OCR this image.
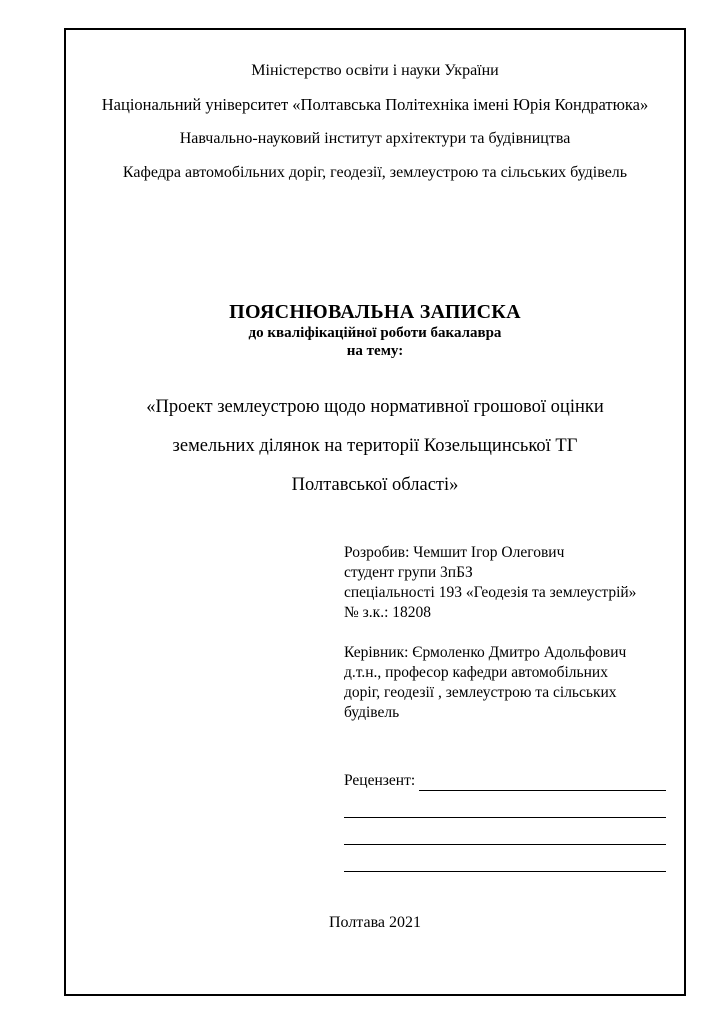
Міністерство освіти і науки України
Національний університет «Полтавська Політехніка імені Юрія Кондратюка»
Навчально-науковий інститут архітектури та будівництва
Кафедра автомобільних доріг, геодезії, землеустрою та сільських будівель
ПОЯСНЮВАЛЬНА ЗАПИСКА
до кваліфікаційної роботи бакалавра
на тему:
«Проект землеустрою щодо нормативної грошової оцінки
земельних ділянок на території Козельщинської ТГ
Полтавської області»
Розробив: Чемшит Ігор Олегович
студент групи 3пБЗ
спеціальності 193 «Геодезія та землеустрій»
№ з.к.: 18208
Керівник: Єрмоленко Дмитро Адольфович
д.т.н., професор кафедри автомобільних
доріг, геодезії , землеустрою та сільських
будівель
Рецензент:
Полтава 2021
